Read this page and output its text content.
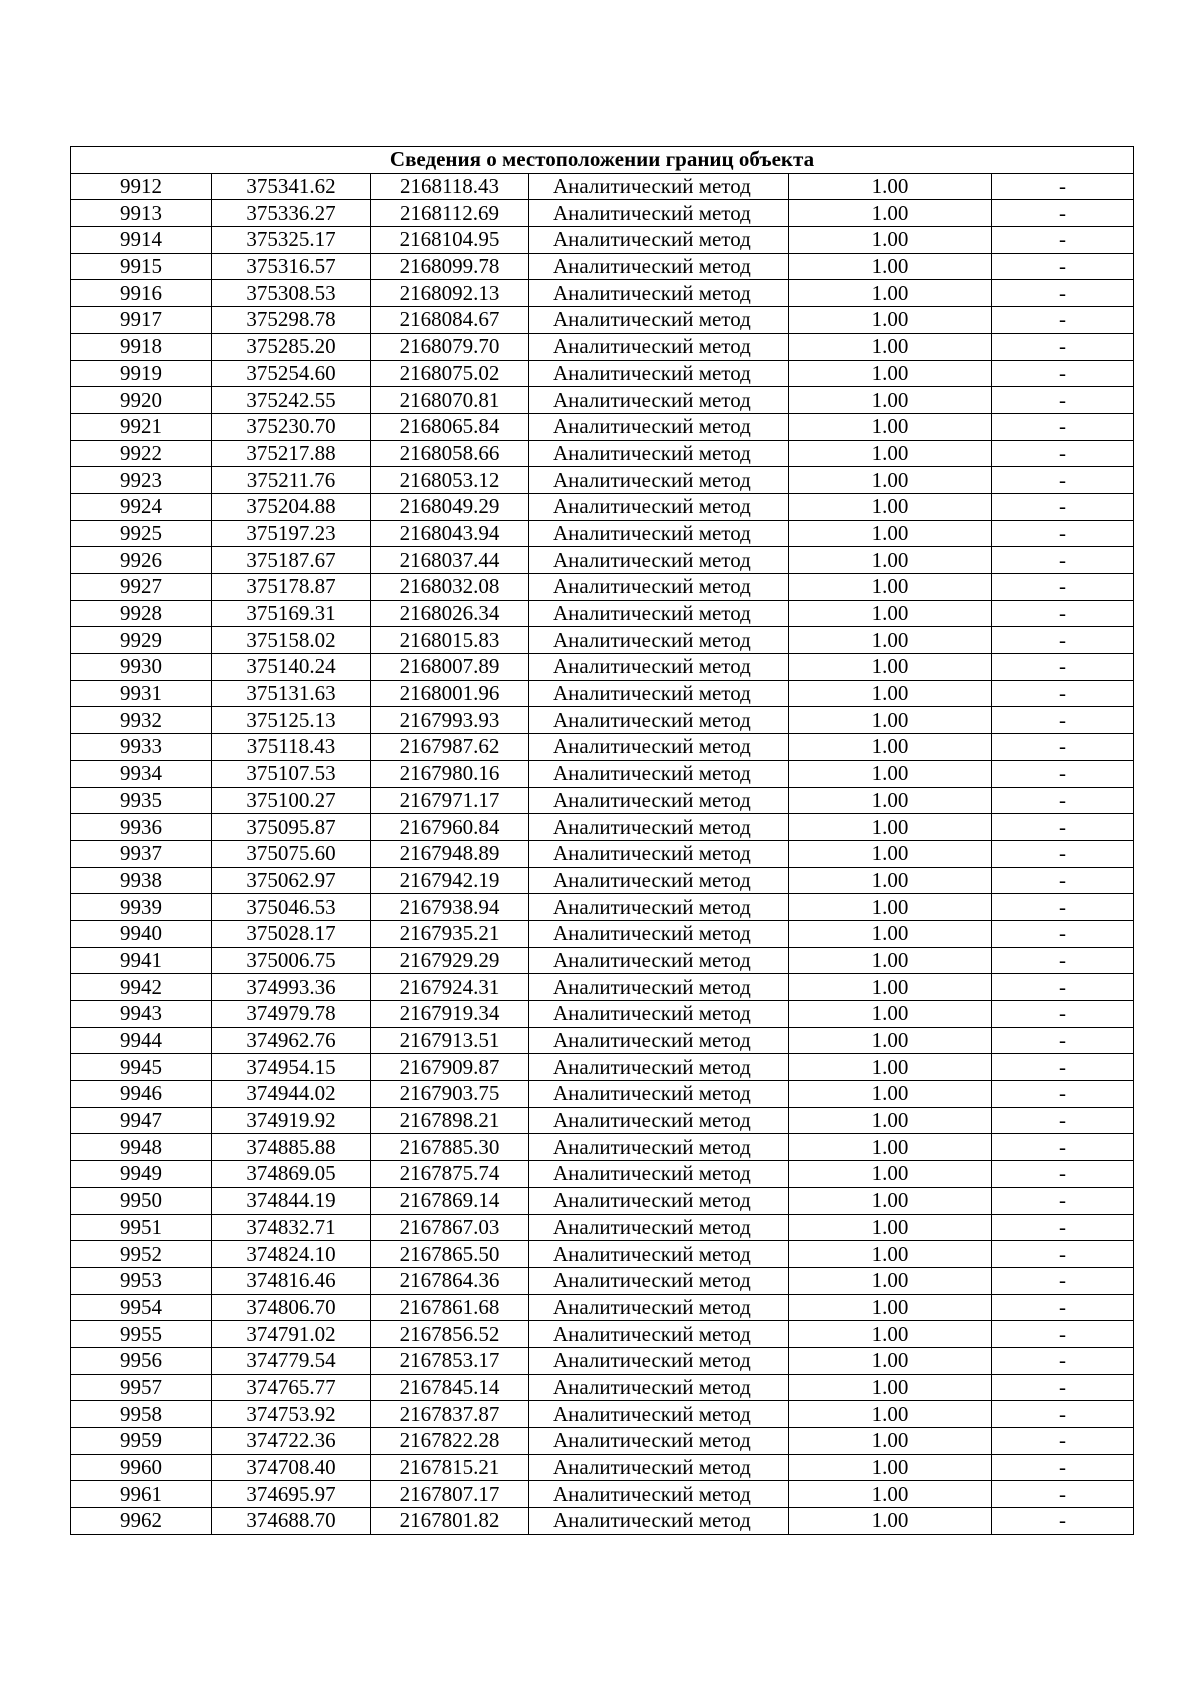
Сведения о местоположении границ объекта					
9912	375341.62	2168118.43	Аналитический метод	1.00	-
9913	375336.27	2168112.69	Аналитический метод	1.00	-
9914	375325.17	2168104.95	Аналитический метод	1.00	-
9915	375316.57	2168099.78	Аналитический метод	1.00	-
9916	375308.53	2168092.13	Аналитический метод	1.00	-
9917	375298.78	2168084.67	Аналитический метод	1.00	-
9918	375285.20	2168079.70	Аналитический метод	1.00	-
9919	375254.60	2168075.02	Аналитический метод	1.00	-
9920	375242.55	2168070.81	Аналитический метод	1.00	-
9921	375230.70	2168065.84	Аналитический метод	1.00	-
9922	375217.88	2168058.66	Аналитический метод	1.00	-
9923	375211.76	2168053.12	Аналитический метод	1.00	-
9924	375204.88	2168049.29	Аналитический метод	1.00	-
9925	375197.23	2168043.94	Аналитический метод	1.00	-
9926	375187.67	2168037.44	Аналитический метод	1.00	-
9927	375178.87	2168032.08	Аналитический метод	1.00	-
9928	375169.31	2168026.34	Аналитический метод	1.00	-
9929	375158.02	2168015.83	Аналитический метод	1.00	-
9930	375140.24	2168007.89	Аналитический метод	1.00	-
9931	375131.63	2168001.96	Аналитический метод	1.00	-
9932	375125.13	2167993.93	Аналитический метод	1.00	-
9933	375118.43	2167987.62	Аналитический метод	1.00	-
9934	375107.53	2167980.16	Аналитический метод	1.00	-
9935	375100.27	2167971.17	Аналитический метод	1.00	-
9936	375095.87	2167960.84	Аналитический метод	1.00	-
9937	375075.60	2167948.89	Аналитический метод	1.00	-
9938	375062.97	2167942.19	Аналитический метод	1.00	-
9939	375046.53	2167938.94	Аналитический метод	1.00	-
9940	375028.17	2167935.21	Аналитический метод	1.00	-
9941	375006.75	2167929.29	Аналитический метод	1.00	-
9942	374993.36	2167924.31	Аналитический метод	1.00	-
9943	374979.78	2167919.34	Аналитический метод	1.00	-
9944	374962.76	2167913.51	Аналитический метод	1.00	-
9945	374954.15	2167909.87	Аналитический метод	1.00	-
9946	374944.02	2167903.75	Аналитический метод	1.00	-
9947	374919.92	2167898.21	Аналитический метод	1.00	-
9948	374885.88	2167885.30	Аналитический метод	1.00	-
9949	374869.05	2167875.74	Аналитический метод	1.00	-
9950	374844.19	2167869.14	Аналитический метод	1.00	-
9951	374832.71	2167867.03	Аналитический метод	1.00	-
9952	374824.10	2167865.50	Аналитический метод	1.00	-
9953	374816.46	2167864.36	Аналитический метод	1.00	-
9954	374806.70	2167861.68	Аналитический метод	1.00	-
9955	374791.02	2167856.52	Аналитический метод	1.00	-
9956	374779.54	2167853.17	Аналитический метод	1.00	-
9957	374765.77	2167845.14	Аналитический метод	1.00	-
9958	374753.92	2167837.87	Аналитический метод	1.00	-
9959	374722.36	2167822.28	Аналитический метод	1.00	-
9960	374708.40	2167815.21	Аналитический метод	1.00	-
9961	374695.97	2167807.17	Аналитический метод	1.00	-
9962	374688.70	2167801.82	Аналитический метод	1.00	-
